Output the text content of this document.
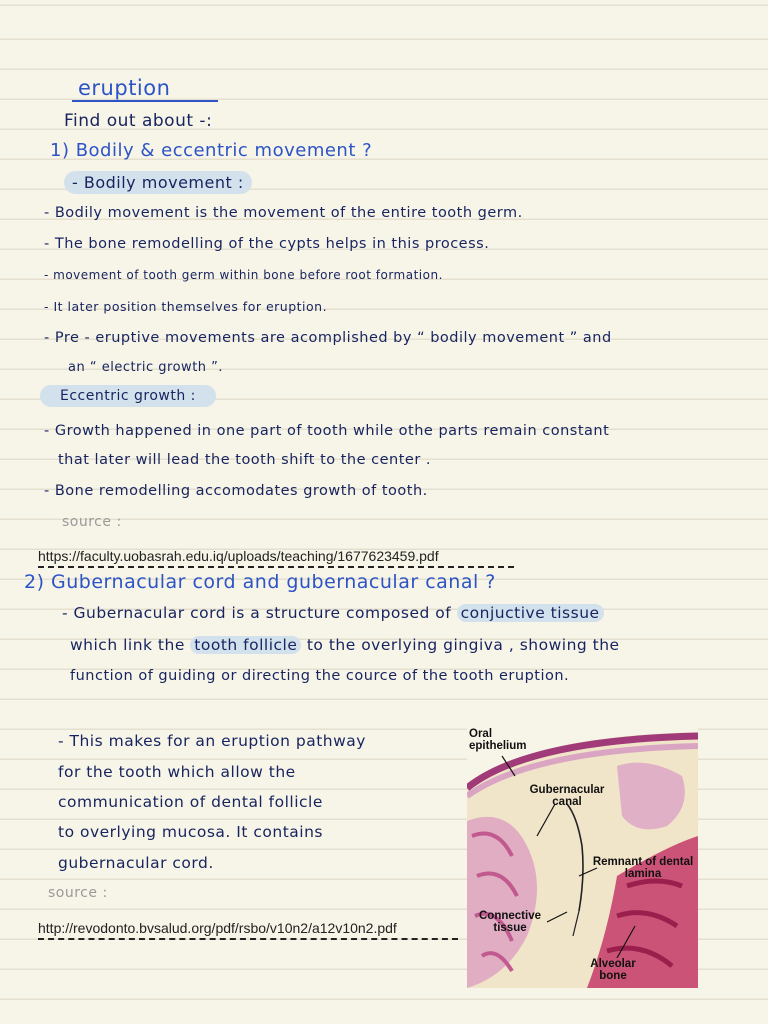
eruption
Find out about -:
1) Bodily & eccentric movement ?
- Bodily movement :
- Bodily movement is the movement of the entire tooth germ.
- The bone remodelling of the cypts helps in this process.
- movement of tooth germ within bone before root formation.
- It later position themselves for eruption.
- Pre - eruptive movements are acomplished by “ bodily movement ” and
an “ electric growth ”.
Eccentric growth :
- Growth happened in one part of tooth while othe parts remain constant
that later will lead the tooth shift to the center .
- Bone remodelling accomodates growth of tooth.
source :
https://faculty.uobasrah.edu.iq/uploads/teaching/1677623459.pdf
2) Gubernacular cord and gubernacular canal ?
- Gubernacular cord is a structure composed of conjuctive tissue
which link the tooth follicle to the overlying gingiva , showing the
function of guiding or directing the cource of the tooth eruption.
- This makes for an eruption pathway
for the tooth which allow the
communication of dental follicle
to overlying mucosa. It contains
gubernacular cord.
source :
http://revodonto.bvsalud.org/pdf/rsbo/v10n2/a12v10n2.pdf
Oral epithelium
Gubernacular canal
Remnant of dental lamina
Connective tissue
Alveolar bone
